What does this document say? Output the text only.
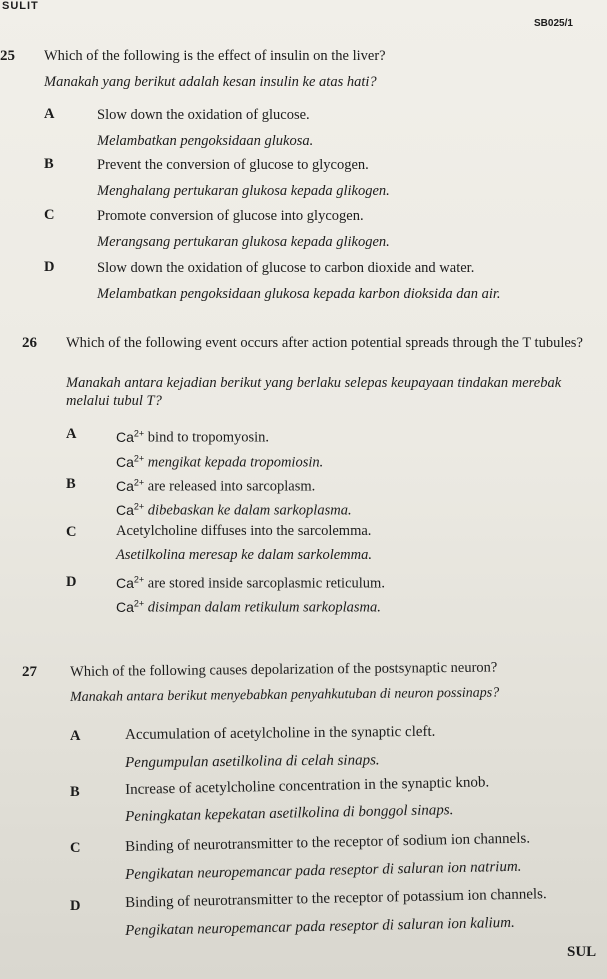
SULIT
SB025/1
25 Which of the following is the effect of insulin on the liver?
Manakah yang berikut adalah kesan insulin ke atas hati?
A	Slow down the oxidation of glucose.
Melambatkan pengoksidaan glukosa.
B	Prevent the conversion of glucose to glycogen.
Menghalang pertukaran glukosa kepada glikogen.
C	Promote conversion of glucose into glycogen.
Merangsang pertukaran glukosa kepada glikogen.
D	Slow down the oxidation of glucose to carbon dioxide and water.
Melambatkan pengoksidaan glukosa kepada karbon dioksida dan air.
26 Which of the following event occurs after action potential spreads through the T tubules?
Manakah antara kejadian berikut yang berlaku selepas keupayaan tindakan merebak melalui tubul T?
A	$Ca^{2+}$ bind to tropomyosin.
$Ca^{2+}$ mengikat kepada tropomiosin.
B	$Ca^{2+}$ are released into sarcoplasm.
$Ca^{2+}$ dibebaskan ke dalam sarkoplasma.
C	Acetylcholine diffuses into the sarcolemma.
Asetilkolina meresap ke dalam sarkolemma.
D	$Ca^{2+}$ are stored inside sarcoplasmic reticulum.
$Ca^{2+}$ disimpan dalam retikulum sarkoplasma.
27 Which of the following causes depolarization of the postsynaptic neuron?
Manakah antara berikut menyebabkan penyahkutuban di neuron possinaps?
A	Accumulation of acetylcholine in the synaptic cleft.
Pengumpulan asetilkolina di celah sinaps.
B	Increase of acetylcholine concentration in the synaptic knob.
Peningkatan kepekatan asetilkolina di bonggol sinaps.
C	Binding of neurotransmitter to the receptor of sodium ion channels.
Pengikatan neuropemancar pada reseptor di saluran ion natrium.
D	Binding of neurotransmitter to the receptor of potassium ion channels.
Pengikatan neuropemancar pada reseptor di saluran ion kalium.
SUL
